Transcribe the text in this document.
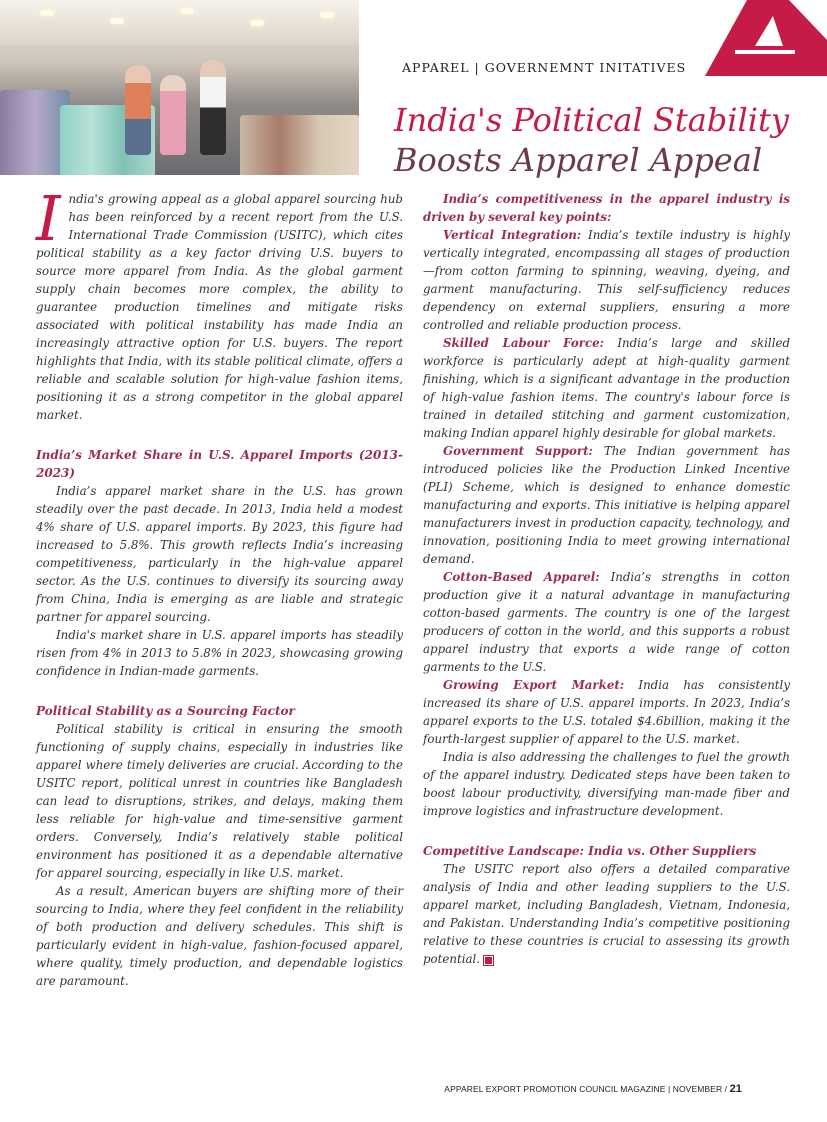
APPAREL | GOVERNEMNT INITATIVES
India's Political Stability
Boosts Apparel Appeal

India's growing appeal as a global apparel sourcing hub has been reinforced by a recent report from the U.S. International Trade Commission (USITC), which cites political stability as a key factor driving U.S. buyers to source more apparel from India. As the global garment supply chain becomes more complex, the ability to guarantee production timelines and mitigate risks associated with political instability has made India an increasingly attractive option for U.S. buyers. The report highlights that India, with its stable political climate, offers a reliable and scalable solution for high-value fashion items, positioning it as a strong competitor in the global apparel market.

India’s Market Share in U.S. Apparel Imports (2013-2023)

India’s apparel market share in the U.S. has grown steadily over the past decade. In 2013, India held a modest 4% share of U.S. apparel imports. By 2023, this figure had increased to 5.8%. This growth reflects India’s increasing competitiveness, particularly in the high-value apparel sector. As the U.S. continues to diversify its sourcing away from China, India is emerging as are liable and strategic partner for apparel sourcing.

India's market share in U.S. apparel imports has steadily risen from 4% in 2013 to 5.8% in 2023, showcasing growing confidence in Indian-made garments.

Political Stability as a Sourcing Factor

Political stability is critical in ensuring the smooth functioning of supply chains, especially in industries like apparel where timely deliveries are crucial. According to the USITC report, political unrest in countries like Bangladesh can lead to disruptions, strikes, and delays, making them less reliable for high-value and time-sensitive garment orders. Conversely, India’s relatively stable political environment has positioned it as a dependable alternative for apparel sourcing, especially in like U.S. market.

As a result, American buyers are shifting more of their sourcing to India, where they feel confident in the reliability of both production and delivery schedules. This shift is particularly evident in high-value, fashion-focused apparel, where quality, timely production, and dependable logistics are paramount.

India’s competitiveness in the apparel industry is driven by several key points:

Vertical Integration: India’s textile industry is highly vertically integrated, encompassing all stages of production—from cotton farming to spinning, weaving, dyeing, and garment manufacturing. This self-sufficiency reduces dependency on external suppliers, ensuring a more controlled and reliable production process.

Skilled Labour Force: India’s large and skilled workforce is particularly adept at high-quality garment finishing, which is a significant advantage in the production of high-value fashion items. The country's labour force is trained in detailed stitching and garment customization, making Indian apparel highly desirable for global markets.

Government Support: The Indian government has introduced policies like the Production Linked Incentive (PLI) Scheme, which is designed to enhance domestic manufacturing and exports. This initiative is helping apparel manufacturers invest in production capacity, technology, and innovation, positioning India to meet growing international demand.

Cotton-Based Apparel: India’s strengths in cotton production give it a natural advantage in manufacturing cotton-based garments. The country is one of the largest producers of cotton in the world, and this supports a robust apparel industry that exports a wide range of cotton garments to the U.S.

Growing Export Market: India has consistently increased its share of U.S. apparel imports. In 2023, India’s apparel exports to the U.S. totaled $4.6billion, making it the fourth-largest supplier of apparel to the U.S. market.

India is also addressing the challenges to fuel the growth of the apparel industry. Dedicated steps have been taken to boost labour productivity, diversifying man-made fiber and improve logistics and infrastructure development.

Competitive Landscape: India vs. Other Suppliers

The USITC report also offers a detailed comparative analysis of India and other leading suppliers to the U.S. apparel market, including Bangladesh, Vietnam, Indonesia, and Pakistan. Understanding India’s competitive positioning relative to these countries is crucial to assessing its growth potential.

APPAREL EXPORT PROMOTION COUNCIL MAGAZINE | NOVEMBER / 21
